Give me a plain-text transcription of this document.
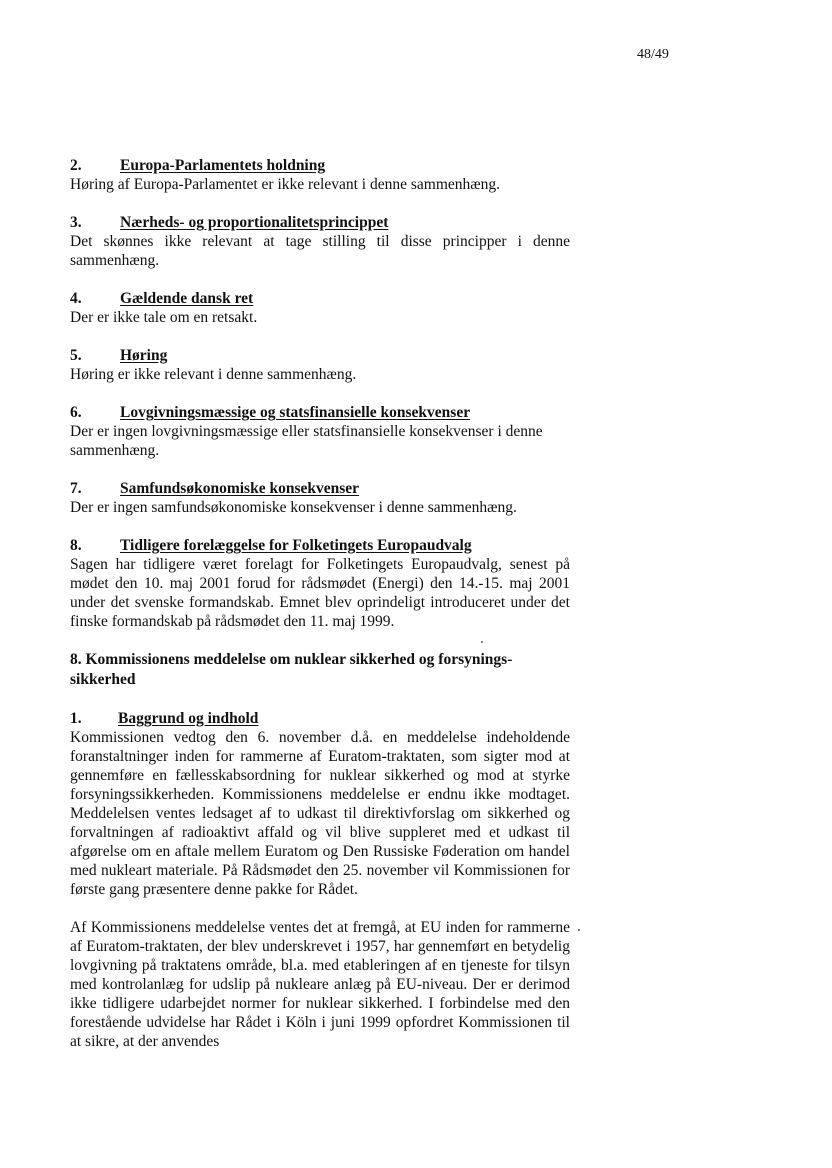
48/49
2.	Europa-Parlamentets holdning

Høring af Europa-Parlamentet er ikke relevant i denne sammenhæng.

3.	Nærheds- og proportionalitetsprincippet

Det skønnes ikke relevant at tage stilling til disse principper i denne sammenhæng.

4.	Gældende dansk ret

Der er ikke tale om en retsakt.

5.	Høring

Høring er ikke relevant i denne sammenhæng.

6.	Lovgivningsmæssige og statsfinansielle konsekvenser

Der er ingen lovgivningsmæssige eller statsfinansielle konsekvenser i denne sammenhæng.

7.	Samfundsøkonomiske konsekvenser

Der er ingen samfundsøkonomiske konsekvenser i denne sammenhæng.

8.	Tidligere forelæggelse for Folketingets Europaudvalg

Sagen har tidligere været forelagt for Folketingets Europaudvalg, senest på mødet den 10. maj 2001 forud for rådsmødet (Energi) den 14.-15. maj 2001 under det svenske formandskab. Emnet blev oprindeligt introduceret under det finske formandskab på rådsmødet den 11. maj 1999.

8. Kommissionens meddelelse om nuklear sikkerhed og forsynings-sikkerhed
1.	Baggrund og indhold

Kommissionen vedtog den 6. november d.å. en meddelelse indeholdende foranstaltninger inden for rammerne af Euratom-traktaten, som sigter mod at gennemføre en fællesskabsordning for nuklear sikkerhed og mod at styrke forsyningssikkerheden. Kommissionens meddelelse er endnu ikke modtaget. Meddelelsen ventes ledsaget af to udkast til direktivforslag om sikkerhed og forvaltningen af radioaktivt affald og vil blive suppleret med et udkast til afgørelse om en aftale mellem Euratom og Den Russiske Føderation om handel med nukleart materiale. På Rådsmødet den 25. november vil Kommissionen for første gang præsentere denne pakke for Rådet.

Af Kommissionens meddelelse ventes det at fremgå, at EU inden for rammerne af Euratom-traktaten, der blev underskrevet i 1957, har gennemført en betydelig lovgivning på traktatens område, bl.a. med etableringen af en tjeneste for tilsyn med kontrolanlæg for udslip på nukleare anlæg på EU-niveau. Der er derimod ikke tidligere udarbejdet normer for nuklear sikkerhed. I forbindelse med den forestående udvidelse har Rådet i Köln i juni 1999 opfordret Kommissionen til at sikre, at der anvendes
